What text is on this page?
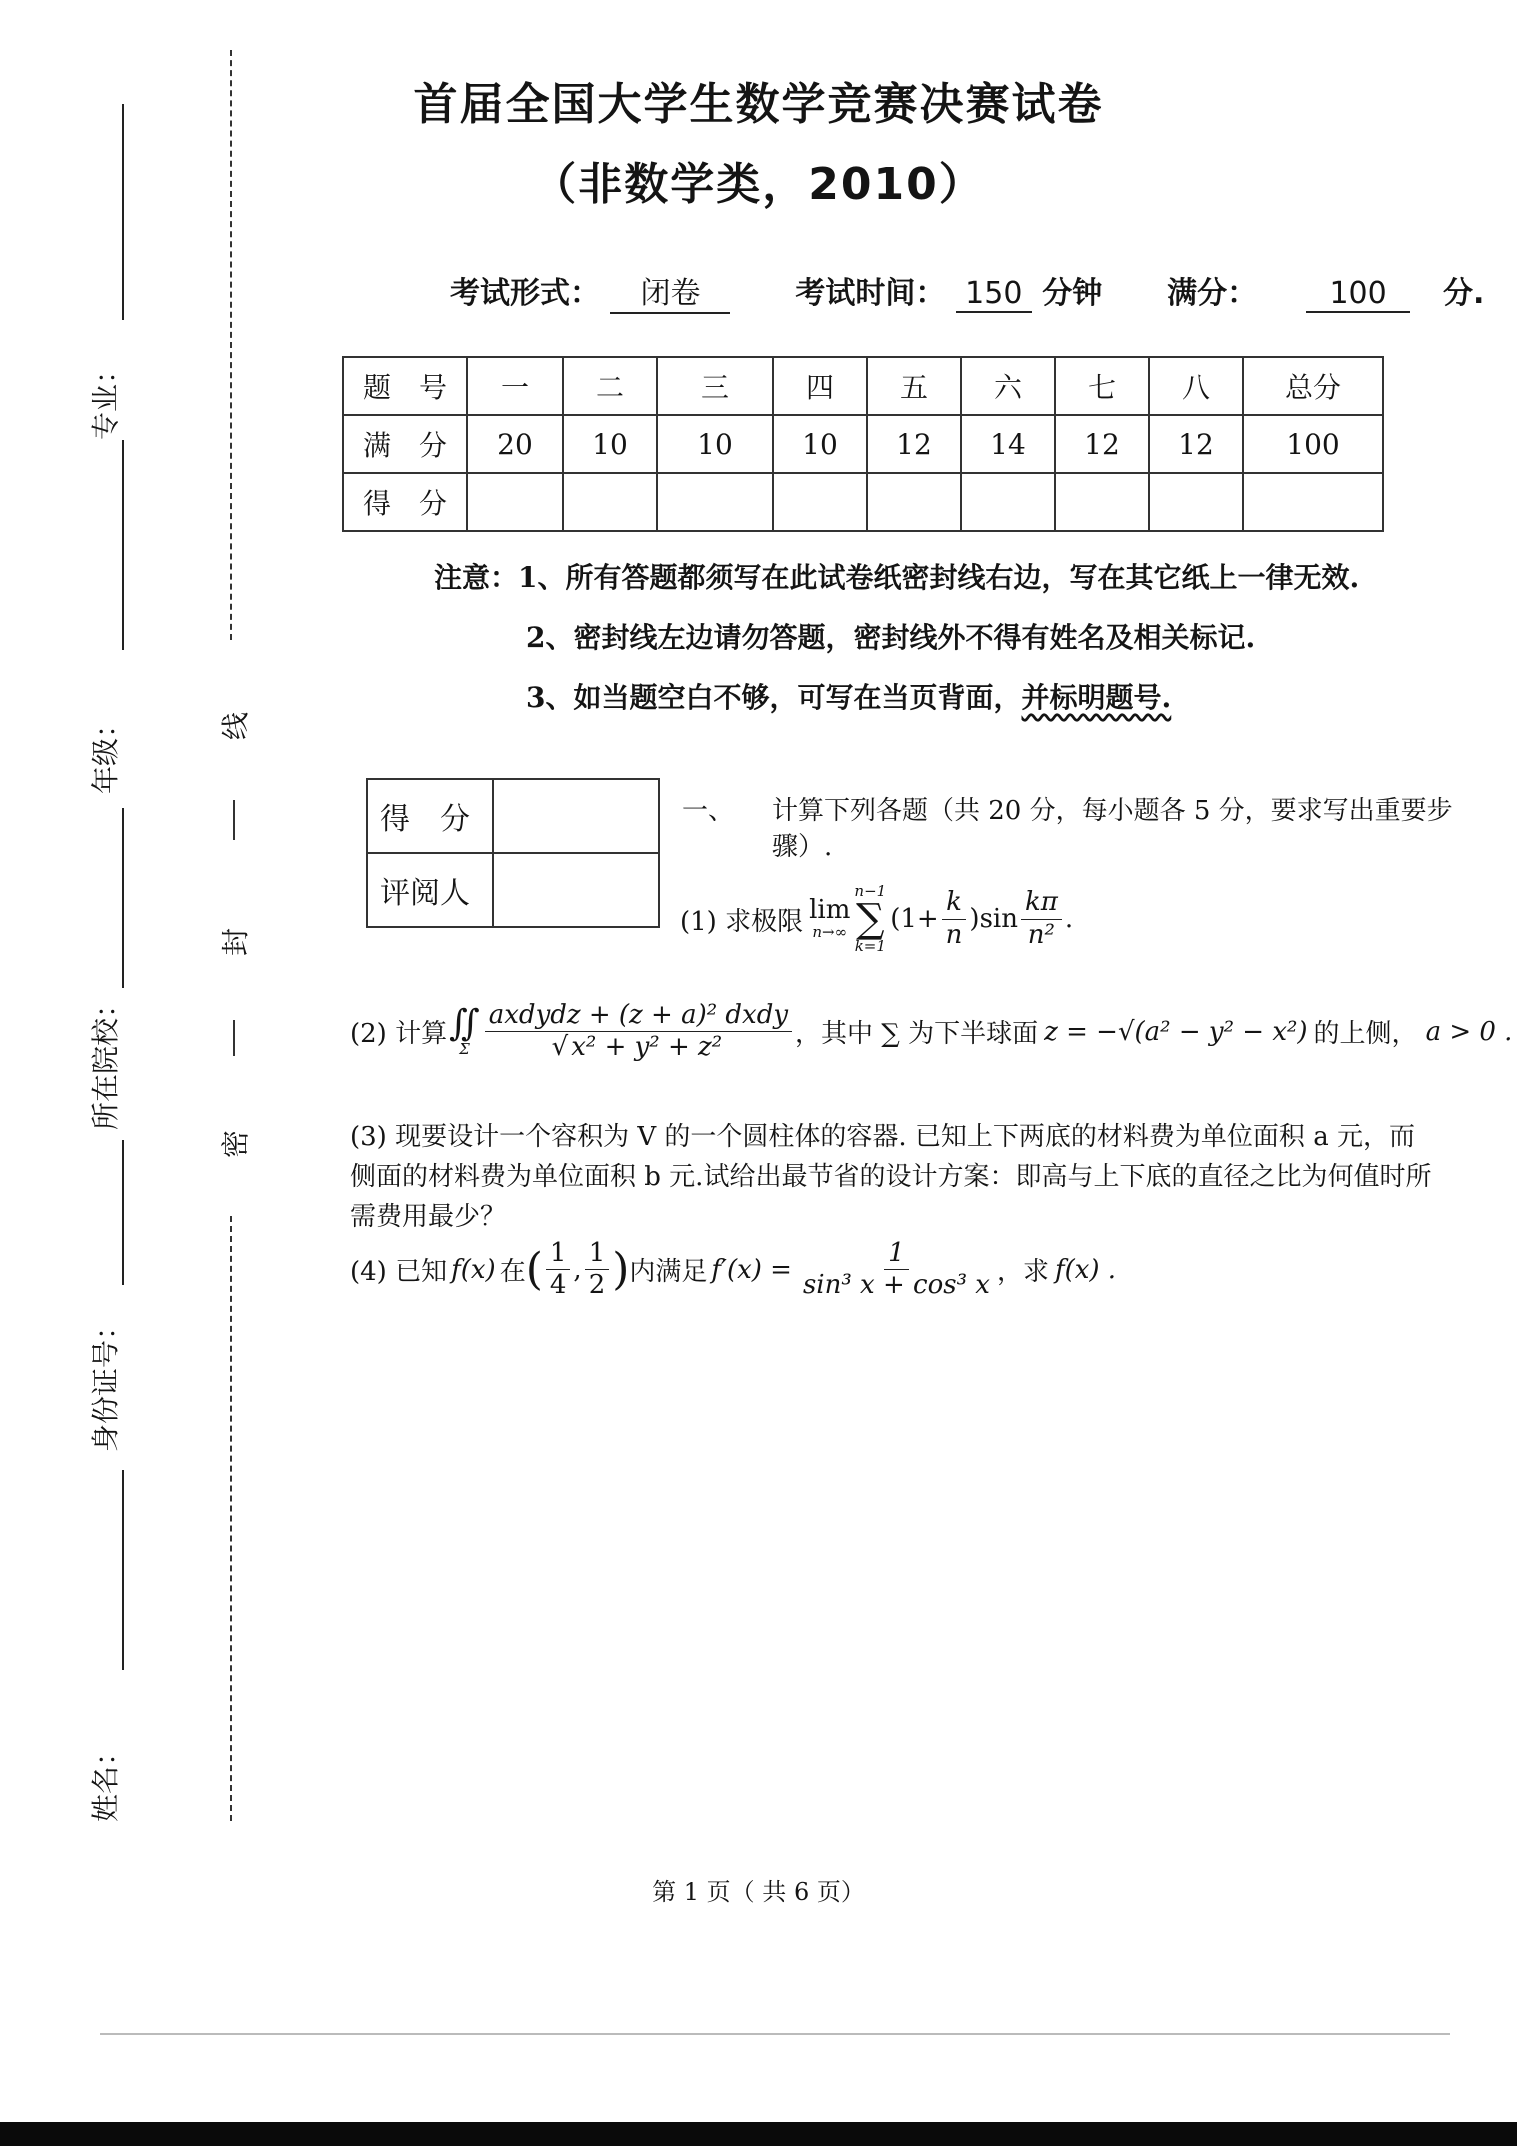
首届全国大学生数学竞赛决赛试卷
（非数学类，2010）
考试形式： 闭卷	考试时间： 150 分钟 满分： 100 分.
题　号	一	二	三	四	五	六	七	八	总分
满　分	20	10	10	10	12	14	12	12	100
得　分									
注意：1、所有答题都须写在此试卷纸密封线右边，写在其它纸上一律无效.
2、密封线左边请勿答题，密封线外不得有姓名及相关标记.
3、如当题空白不够，可写在当页背面，并标明题号.
得　分	
评阅人	
一、 计算下列各题（共 20 分，每小题各 5 分，要求写出重要步
骤）.
(1) 求极限 lim
n→∞
n−1
∑
k=1
$(1+ \frac{k}{n} )\sin \frac{k\pi}{\text{n²}}$ .
(2) 计算 ∬
Σ $\frac{\text{axdydz + (z + a)² dxdy}}{\text{√ x² + y² + z²}}$ ，其中 ∑ 为下半球面 z = −√(a² − y² − x²) 的上侧， a > 0 .
(3) 现要设计一个容积为 V 的一个圆柱体的容器. 已知上下两底的材料费为单位面积 a 元，而
侧面的材料费为单位面积 b 元.试给出最节省的设计方案：即高与上下底的直径之比为何值时所
需费用最少？
(4) 已知 f(x) 在 ( $\frac{1}{4}$ , $\frac{1}{2}$ ) 内满足 $f'(x) = \frac{1}{\text{sin³ x + cos³ x}}$ ，求 f(x) .
专业：
年级：
所在院校：
身份证号：
姓名：
线
封
密
第 1 页（ 共 6 页）
